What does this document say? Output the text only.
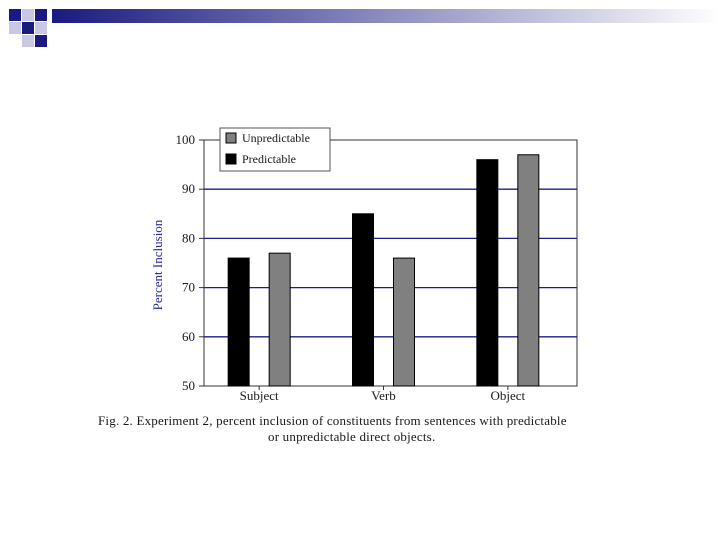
50
60
70
80
90
100
Subject	Verb	Object
Percent Inclusion
Unpredictable
Predictable
Fig. 2. Experiment 2, percent inclusion of constituents from sentences with predictable
or unpredictable direct objects.
